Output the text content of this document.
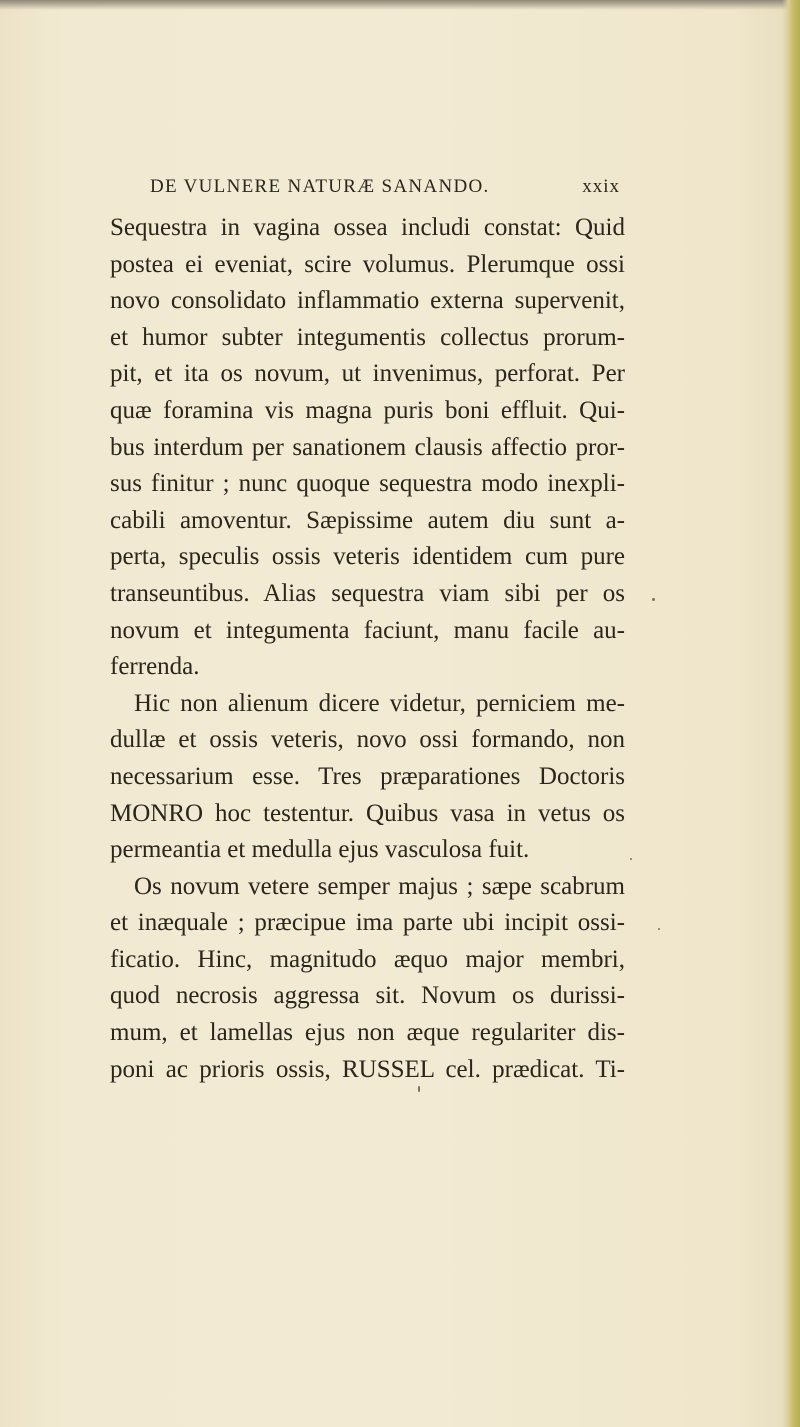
DE VULNERE NATURÆ SANANDO.	xxix
Sequestra in vagina ossea includi constat: Quid
postea ei eveniat, scire volumus. Plerumque ossi
novo consolidato inflammatio externa supervenit,
et humor subter integumentis collectus prorum-
pit, et ita os novum, ut invenimus, perforat. Per
quæ foramina vis magna puris boni effluit. Qui-
bus interdum per sanationem clausis affectio pror-
sus finitur ; nunc quoque sequestra modo inexpli-
cabili amoventur. Sæpissime autem diu sunt a-
perta, speculis ossis veteris identidem cum pure
transeuntibus. Alias sequestra viam sibi per os
novum et integumenta faciunt, manu facile au-
ferrenda.
Hic non alienum dicere videtur, perniciem me-
dullæ et ossis veteris, novo ossi formando, non
necessarium esse. Tres præparationes Doctoris
MONRO hoc testentur. Quibus vasa in vetus os
permeantia et medulla ejus vasculosa fuit.
Os novum vetere semper majus ; sæpe scabrum
et inæquale ; præcipue ima parte ubi incipit ossi-
ficatio. Hinc, magnitudo æquo major membri,
quod necrosis aggressa sit. Novum os durissi-
mum, et lamellas ejus non æque regulariter dis-
poni ac prioris ossis, RUSSEL cel. prædicat. Ti-
